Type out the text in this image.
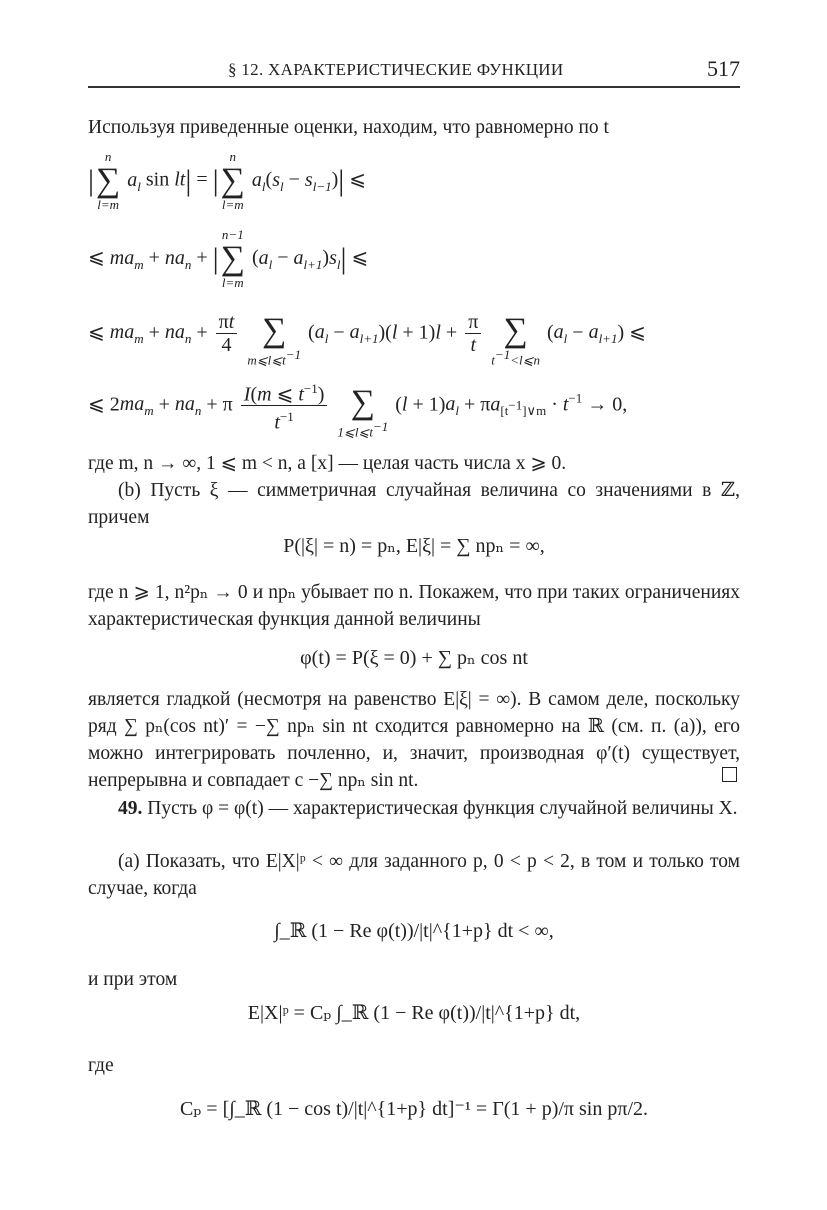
§ 12. ХАРАКТЕРИСТИЧЕСКИЕ ФУНКЦИИ	517
Используя приведенные оценки, находим, что равномерно по t
|
n
∑
l=m
$a_l$ sin lt| = |
n
∑
l=m
$a_l(s_l - s_{l-1})|$ ⩽
⩽ $ma_m + na_n$ + |
n−1
∑
l=m
$(a_l - a_{l+1})s_l|$ ⩽
⩽ $ma_m + na_n + \frac{\pi t}{4}$

∑
$m⩽l⩽t^{-1}$
$(a_l - a_{l+1})(l + 1)l + \frac{\pi}{t}$

∑
$t^{-1}<l⩽n$
$(a_l - a_{l+1})$ ⩽
⩽ $2ma_m + na_n + \pi \frac{I(m ⩽ t^{-1})}{t^{-1}}$

∑
$1⩽l⩽t^{-1}$
$(l + 1)a_l + \pi a_{[t^{-1}]\vee m} \cdot t^{-1} \to 0$,
где m, n → ∞, 1 ⩽ m < n, а [x] — целая часть числа x ⩾ 0.
(b) Пусть ξ — симметричная случайная величина со значениями в ℤ, причем
P(|ξ| = n) = pₙ, E|ξ| = ∑ npₙ = ∞,
где n ⩾ 1, n²pₙ → 0 и npₙ убывает по n. Покажем, что при таких ограничениях характеристическая функция данной величины
φ(t) = P(ξ = 0) + ∑ pₙ cos nt
является гладкой (несмотря на равенство E|ξ| = ∞). В самом деле, поскольку ряд ∑ pₙ(cos nt)′ = −∑ npₙ sin nt сходится равномерно на ℝ (см. п. (a)), его можно интегрировать почленно, и, значит, производная φ′(t) существует, непрерывна и совпадает с −∑ npₙ sin nt.
49. Пусть φ = φ(t) — характеристическая функция случайной величины X.
(a) Показать, что E|X|ᵖ < ∞ для заданного p, 0 < p < 2, в том и только том случае, когда
∫_ℝ (1 − Re φ(t))/|t|^{1+p} dt < ∞,
и при этом
E|X|ᵖ = Cₚ ∫_ℝ (1 − Re φ(t))/|t|^{1+p} dt,
где
Cₚ = [∫_ℝ (1 − cos t)/|t|^{1+p} dt]⁻¹ = Γ(1 + p)/π sin pπ/2.
